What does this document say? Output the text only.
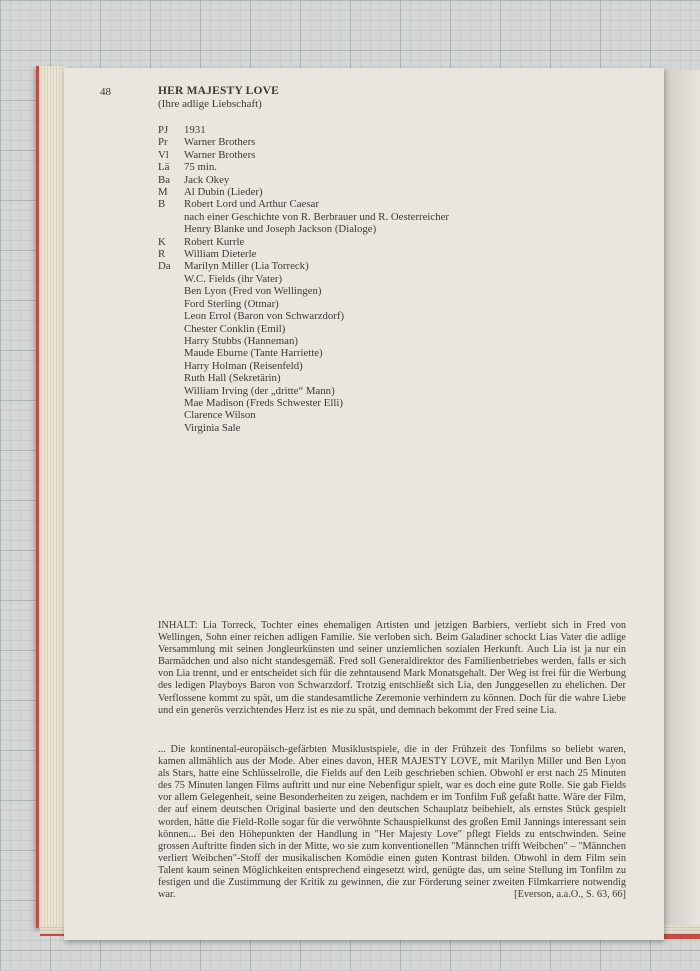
48	HER MAJESTY LOVE
(Ihre adlige Liebschaft)
PJ	1931
Pr	Warner Brothers
Vl	Warner Brothers
Lä	75 min.
Ba	Jack Okey
M	Al Dubin (Lieder)
B	Robert Lord und Arthur Caesar
nach einer Geschichte von R. Berbrauer und R. Oesterreicher
Henry Blanke und Joseph Jackson (Dialoge)
K	Robert Kurrle
R	William Dieterle
Da	Marilyn Miller (Lia Torreck)
W.C. Fields (ihr Vater)
Ben Lyon (Fred von Wellingen)
Ford Sterling (Otmar)
Leon Errol (Baron von Schwarzdorf)
Chester Conklin (Emil)
Harry Stubbs (Hanneman)
Maude Eburne (Tante Harriette)
Harry Holman (Reisenfeld)
Ruth Hall (Sekretärin)
William Irving (der „dritte“ Mann)
Mae Madison (Freds Schwester Elli)
Clarence Wilson
Virginia Sale
INHALT: Lia Torreck, Tochter eines ehemaligen Artisten und jetzigen Barbiers, verliebt sich in Fred von Wellingen, Sohn einer reichen adligen Familie. Sie verloben sich. Beim Galadiner schockt Lias Vater die adlige Versammlung mit seinen Jongleurkünsten und seiner unziemlichen sozialen Herkunft. Auch Lia ist ja nur ein Barmädchen und also nicht standesgemäß. Fred soll Generaldirektor des Familienbetriebes werden, falls er sich von Lia trennt, und er entscheidet sich für die zehntausend Mark Monatsgehalt. Der Weg ist frei für die Werbung des ledigen Playboys Baron von Schwarzdorf. Trotzig entschließt sich Lia, den Junggesellen zu ehelichen. Der Verflossene kommt zu spät, um die standesamtliche Zeremonie verhindern zu können. Doch für die wahre Liebe und ein generös verzichtendes Herz ist es nie zu spät, und demnach bekommt der Fred seine Lia.
... Die kontinental-europäisch-gefärbten Musiklustspiele, die in der Frühzeit des Tonfilms so beliebt waren, kamen allmählich aus der Mode. Aber eines davon, HER MAJESTY LOVE, mit Marilyn Miller und Ben Lyon als Stars, hatte eine Schlüsselrolle, die Fields auf den Leib geschrieben schien. Obwohl er erst nach 25 Minuten des 75 Minuten langen Films auftritt und nur eine Nebenfigur spielt, war es doch eine gute Rolle. Sie gab Fields vor allem Gelegenheit, seine Besonderheiten zu zeigen, nachdem er im Tonfilm Fuß gefaßt hatte. Wäre der Film, der auf einem deutschen Original basierte und den deutschen Schauplatz beibehielt, als ernstes Stück gespielt worden, hätte die Field-Rolle sogar für die verwöhnte Schauspielkunst des großen Emil Jannings interessant sein können... Bei den Höhepunkten der Handlung in "Her Majesty Love" pflegt Fields zu entschwinden. Seine grossen Auftritte finden sich in der Mitte, wo sie zum konventionellen "Männchen trifft Weibchen" – "Männchen verliert Weibchen"-Stoff der musikalischen Komödie einen guten Kontrast bilden. Obwohl in dem Film sein Talent kaum seinen Möglichkeiten entsprechend eingesetzt wird, genügte das, um seine Stellung im Tonfilm zu festigen und die Zustimmung der Kritik zu gewinnen, die zur Förderung seiner zweiten Filmkarriere notwendig war.	[Everson, a.a.O., S. 63, 66]
